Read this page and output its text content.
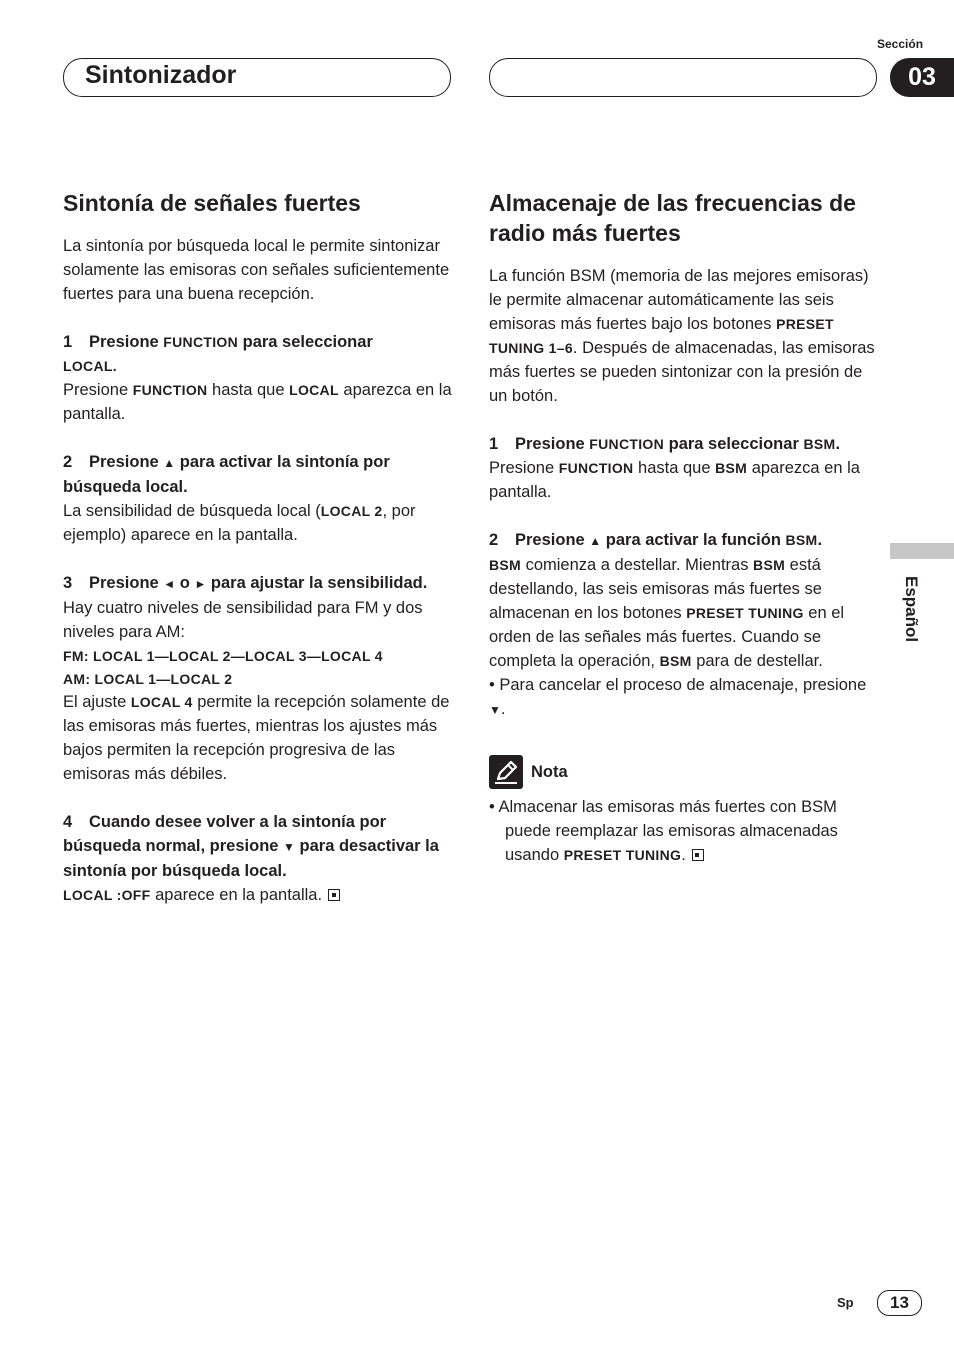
Sintonizador
Sección
03
Español
Sintonía de señales fuertes

La sintonía por búsqueda local le permite sintonizar solamente las emisoras con señales suficientemente fuertes para una buena recepción.

1 Presione FUNCTION para seleccionar
LOCAL.

Presione FUNCTION hasta que LOCAL aparezca en la pantalla.

2 Presione ▲ para activar la sintonía por búsqueda local.

La sensibilidad de búsqueda local (LOCAL 2, por ejemplo) aparece en la pantalla.

3 Presione ◄ o ► para ajustar la sensibilidad.

Hay cuatro niveles de sensibilidad para FM y dos niveles para AM:

FM: LOCAL 1—LOCAL 2—LOCAL 3—LOCAL 4

AM: LOCAL 1—LOCAL 2

El ajuste LOCAL 4 permite la recepción solamente de las emisoras más fuertes, mientras los ajustes más bajos permiten la recepción progresiva de las emisoras más débiles.

4 Cuando desee volver a la sintonía por búsqueda normal, presione ▼ para desactivar la sintonía por búsqueda local.

LOCAL :OFF aparece en la pantalla.

Almacenaje de las frecuencias de radio más fuertes

La función BSM (memoria de las mejores emisoras) le permite almacenar automáticamente las seis emisoras más fuertes bajo los botones PRESET TUNING 1–6. Después de almacenadas, las emisoras más fuertes se pueden sintonizar con la presión de un botón.

1 Presione FUNCTION para seleccionar BSM.

Presione FUNCTION hasta que BSM aparezca en la pantalla.

2 Presione ▲ para activar la función BSM.

BSM comienza a destellar. Mientras BSM está destellando, las seis emisoras más fuertes se almacenan en los botones PRESET TUNING en el orden de las señales más fuertes. Cuando se completa la operación, BSM para de destellar.

• Para cancelar el proceso de almacenaje, presione ▼.

Nota

• Almacenar las emisoras más fuertes con BSM puede reemplazar las emisoras almacenadas usando PRESET TUNING.

Sp	13
